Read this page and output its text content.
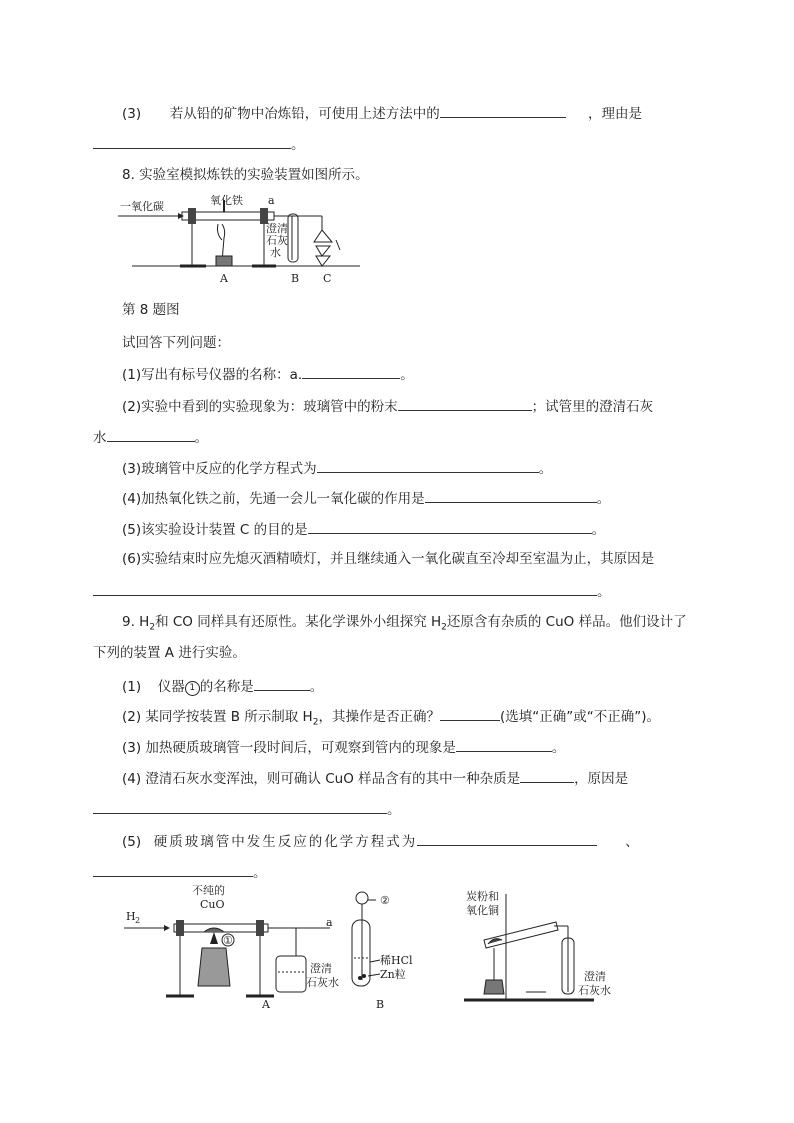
(3) 若从铅的矿物中冶炼铅，可使用上述方法中的	，理由是
。
8. 实验室模拟炼铁的实验装置如图所示。
一氧化碳	氧化铁 a
澄清
石灰
水
A	B C
第 8 题图
试回答下列问题：
(1)写出有标号仪器的名称：a.	。
(2)实验中看到的实验现象为：玻璃管中的粉末	；试管里的澄清石灰
水	。
(3)玻璃管中反应的化学方程式为	。
(4)加热氧化铁之前，先通一会儿一氧化碳的作用是	。
(5)该实验设计装置 C 的目的是	。
(6)实验结束时应先熄灭酒精喷灯，并且继续通入一氧化碳直至冷却至室温为止，其原因是
。
9. $H_2$和 CO 同样具有还原性。某化学课外小组探究 $H_2$还原含有杂质的 CuO 样品。他们设计了
下列的装置 A 进行实验。
(1) 仪器 1 的名称是	。
(2) 某同学按装置 B 所示制取 $H_2$，其操作是否正确？	(选填“正确”或“不正确”)。
(3) 加热硬质玻璃管一段时间后，可观察到管内的现象是	。
(4) 澄清石灰水变浑浊，则可确认 CuO 样品含有的其中一种杂质是	，原因是
。
(5) 硬质玻璃管中发生反应的化学方程式为	、
。
H 2
不纯的
CuO
①
a
澄清
石灰水
A
②
稀HCl
Zn粒
B
炭粉和
氧化铜
澄清
石灰水
